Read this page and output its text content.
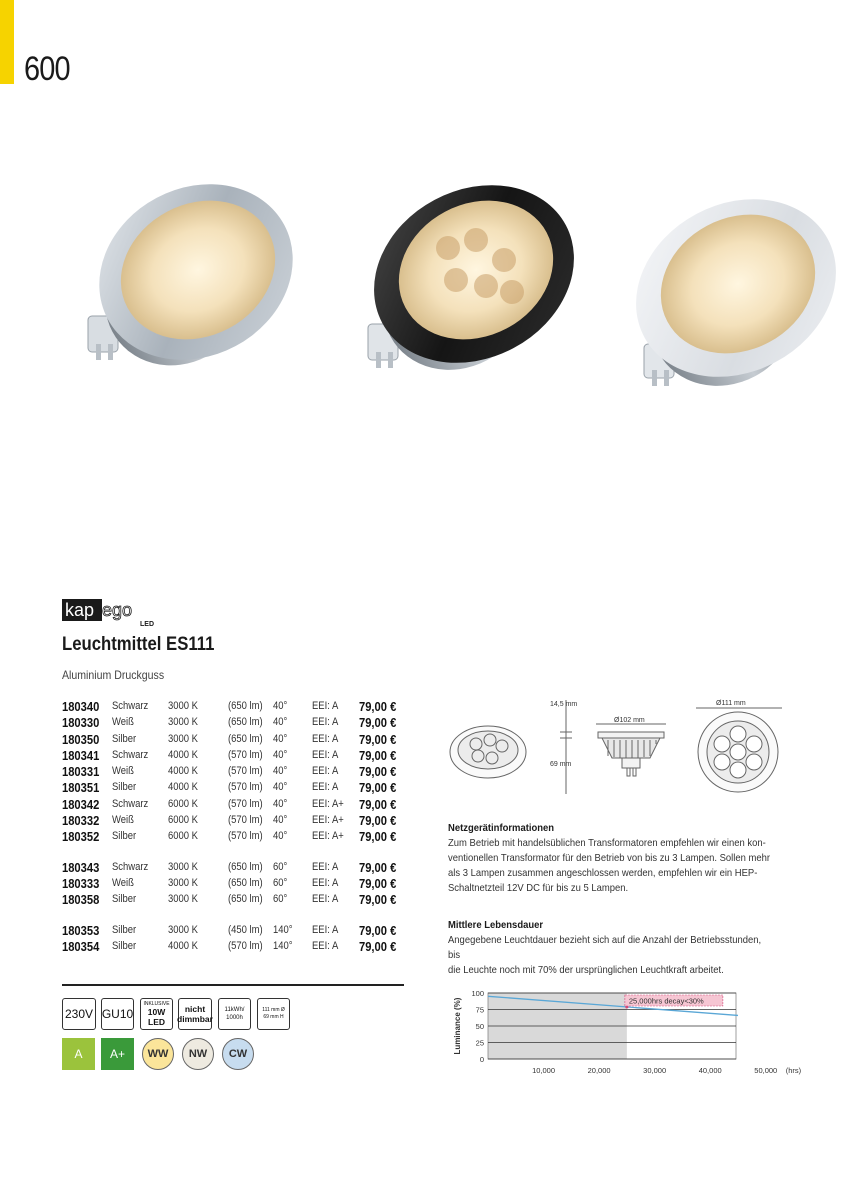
600
kap ego
LED
Leuchtmittel ES111
Aluminium Druckguss
180340 Schwarz 3000 K	(650 lm) 40° EEI: A 79,00 €
180330 Weiß	3000 K	(650 lm) 40° EEI: A 79,00 €
180350 Silber	3000 K	(650 lm) 40° EEI: A 79,00 €
180341 Schwarz 4000 K	(570 lm) 40° EEI: A 79,00 €
180331 Weiß	4000 K	(570 lm) 40° EEI: A 79,00 €
180351 Silber	4000 K	(570 lm) 40° EEI: A 79,00 €
180342 Schwarz 6000 K	(570 lm) 40° EEI: A+ 79,00 €
180332 Weiß	6000 K	(570 lm) 40° EEI: A+ 79,00 €
180352 Silber	6000 K	(570 lm) 40° EEI: A+ 79,00 €
180343 Schwarz 3000 K	(650 lm) 60° EEI: A 79,00 €
180333 Weiß	3000 K	(650 lm) 60° EEI: A 79,00 €
180358 Silber	3000 K	(650 lm) 60° EEI: A 79,00 €
180353 Silber	3000 K	(450 lm) 140° EEI: A 79,00 €
180354 Silber	4000 K	(570 lm) 140° EEI: A 79,00 €
230V GU10
INKLUSIVE
10W LED
nicht
dimmbar
11kWh/
1000h
111 mm Ø
69 mm H
A A+ WW NW CW
14,5 mm
Ø102 mm
69 mm
Ø111 mm
Netzgerätinformationen
Zum Betrieb mit handelsüblichen Transformatoren empfehlen wir einen kon-
ventionellen Transformator für den Betrieb von bis zu 3 Lampen. Sollen mehr
als 3 Lampen zusammen angeschlossen werden, empfehlen wir ein HEP-
Schaltnetzteil 12V DC für bis zu 5 Lampen.
Mittlere Lebensdauer
Angegebene Leuchtdauer bezieht sich auf die Anzahl der Betriebsstunden, bis
die Leuchte noch mit 70% der ursprünglichen Leuchtkraft arbeitet.
100
75
50
25
0
10,000	20,000	30,000	40,000	50,000 (hrs)
Luminance (%)	25,000hrs decay<30%
